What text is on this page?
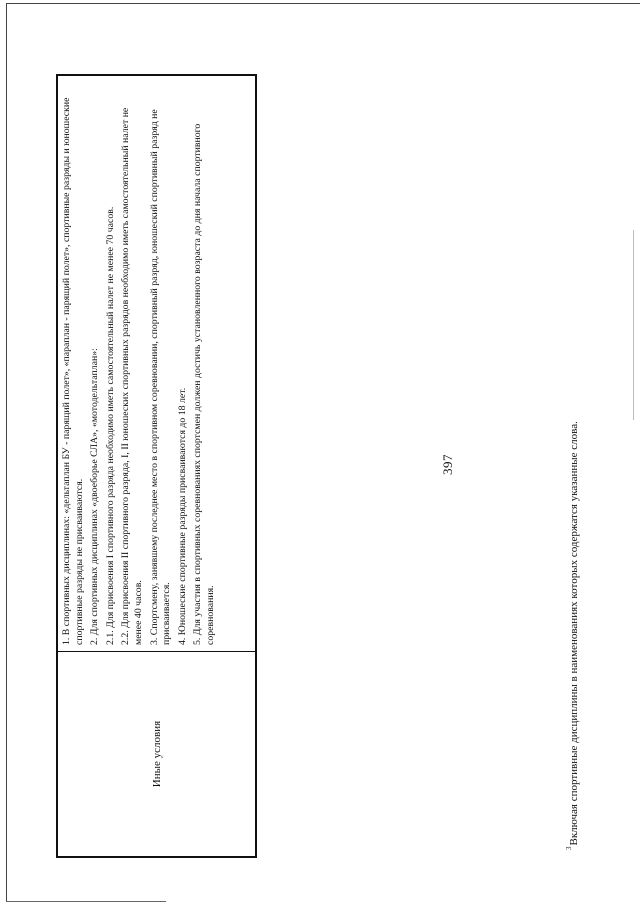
397
Иные условия

1. В спортивных дисциплинах: «дельтаплан БУ - парящий полет», «параплан - парящий полет», спортивные разряды и юношеские спортивные разряды не присваиваются. 2. Для спортивных дисциплинах «двоеборье СЛА», «мотодельтаплан»: 2.1. Для присвоения I спортивного разряда необходимо иметь самостоятельный налет не менее 70 часов. 2.2. Для присвоения II спортивного разряда, I, II юношеских спортивных разрядов необходимо иметь самостоятельный налет не менее 40 часов. 3. Спортсмену, занявшему последнее место в спортивном соревновании, спортивный разряд, юношеский спортивный разряд не присваивается. 4. Юношеские спортивные разряды присваиваются до 18 лет. 5. Для участия в спортивных соревнованиях спортсмен должен достичь установленного возраста до дня начала спортивного соревнования.

$^3$Включая спортивные дисциплины в наименованиях которых содержатся указанные слова.
